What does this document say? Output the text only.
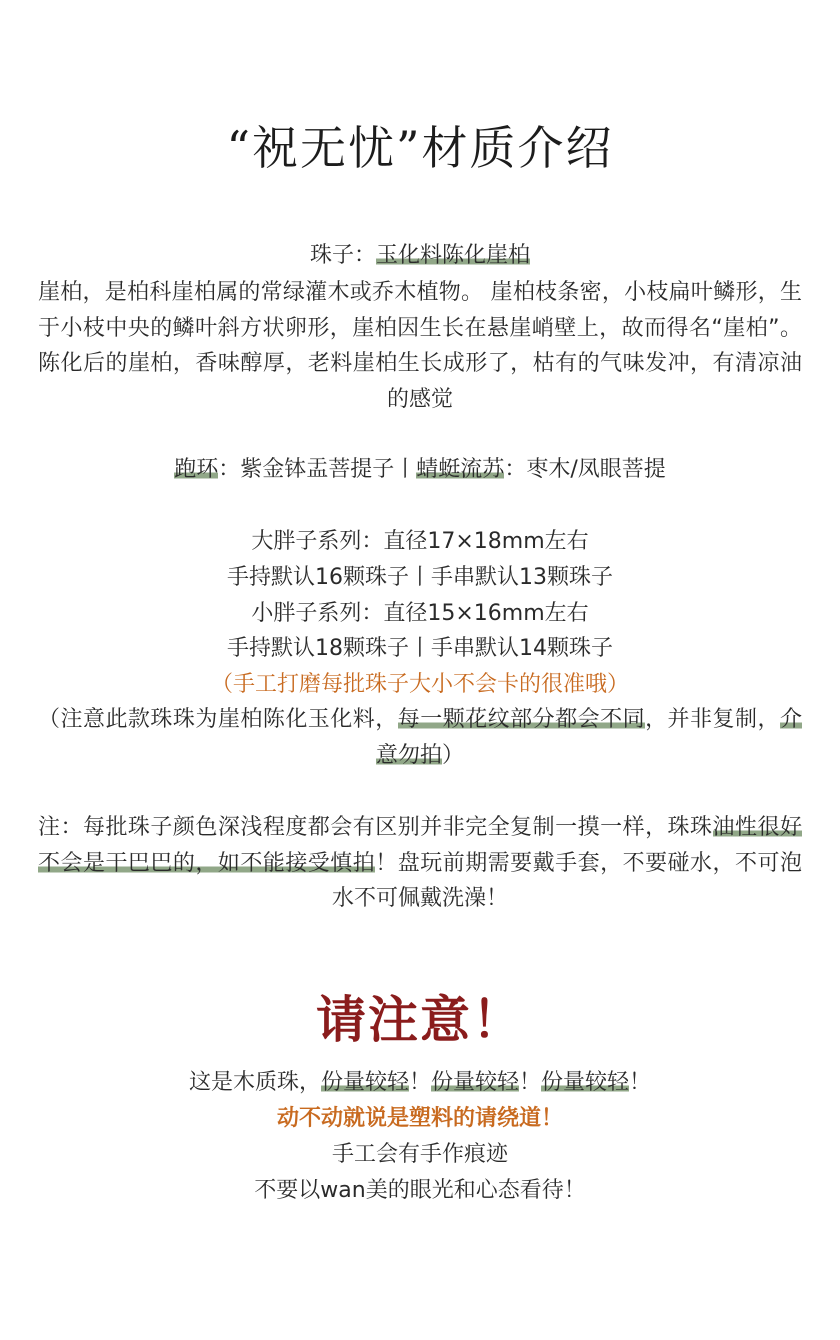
“祝无忧”材质介绍
珠子：玉化料陈化崖柏
崖柏，是柏科崖柏属的常绿灌木或乔木植物。 崖柏枝条密，小枝扁叶鳞形，生于小枝中央的鳞叶斜方状卵形，崖柏因生长在悬崖峭壁上，故而得名“崖柏”。陈化后的崖柏，香味醇厚，老料崖柏生长成形了，枯有的气味发冲，有清凉油的感觉
跑环：紫金钵盂菩提子丨蜻蜓流苏：枣木/凤眼菩提
大胖子系列：直径17×18mm左右
手持默认16颗珠子丨手串默认13颗珠子
小胖子系列：直径15×16mm左右
手持默认18颗珠子丨手串默认14颗珠子
（手工打磨每批珠子大小不会卡的很准哦）
（注意此款珠珠为崖柏陈化玉化料，每一颗花纹部分都会不同，并非复制，介意勿拍）
注：每批珠子颜色深浅程度都会有区别并非完全复制一摸一样，珠珠油性很好不会是干巴巴的，如不能接受慎拍！盘玩前期需要戴手套，不要碰水，不可泡水不可佩戴洗澡！
请注意！
这是木质珠，份量较轻！份量较轻！份量较轻！
动不动就说是塑料的请绕道！
手工会有手作痕迹
不要以wan美的眼光和心态看待！
